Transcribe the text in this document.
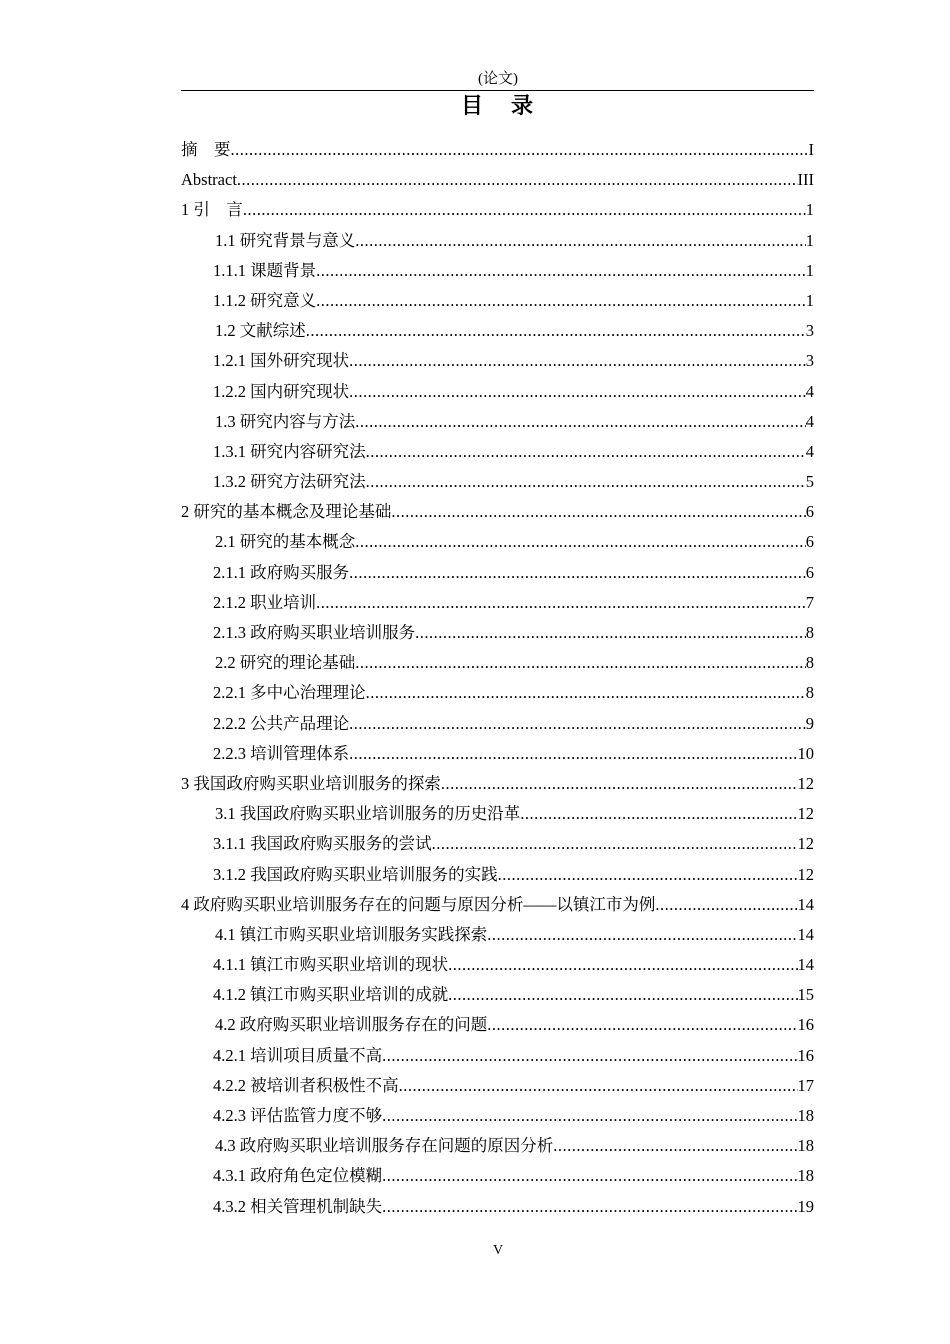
(论文)
目 录
摘　要 .....	I
Abstract .....	III
1 引　言 .....	1
1.1 研究背景与意义 .....	1
1.1.1 课题背景 .....	1
1.1.2 研究意义 .....	1
1.2 文献综述 .....	3
1.2.1 国外研究现状 .....	3
1.2.2 国内研究现状 .....	4
1.3 研究内容与方法 .....	4
1.3.1 研究内容研究法 .....	4
1.3.2 研究方法研究法 .....	5
2 研究的基本概念及理论基础 .....	6
2.1 研究的基本概念 .....	6
2.1.1 政府购买服务 .....	6
2.1.2 职业培训 .....	7
2.1.3 政府购买职业培训服务 .....	8
2.2 研究的理论基础 .....	8
2.2.1 多中心治理理论 .....	8
2.2.2 公共产品理论 .....	9
2.2.3 培训管理体系 .....	10
3 我国政府购买职业培训服务的探索 .....	12
3.1 我国政府购买职业培训服务的历史沿革 .....	12
3.1.1 我国政府购买服务的尝试 .....	12
3.1.2 我国政府购买职业培训服务的实践 .....	12
4 政府购买职业培训服务存在的问题与原因分析——以镇江市为例 .....	14
4.1 镇江市购买职业培训服务实践探索 .....	14
4.1.1 镇江市购买职业培训的现状 .....	14
4.1.2 镇江市购买职业培训的成就 .....	15
4.2 政府购买职业培训服务存在的问题 .....	16
4.2.1 培训项目质量不高 .....	16
4.2.2 被培训者积极性不高 .....	17
4.2.3 评估监管力度不够 .....	18
4.3 政府购买职业培训服务存在问题的原因分析 .....	18
4.3.1 政府角色定位模糊 .....	18
4.3.2 相关管理机制缺失 .....	19
V
